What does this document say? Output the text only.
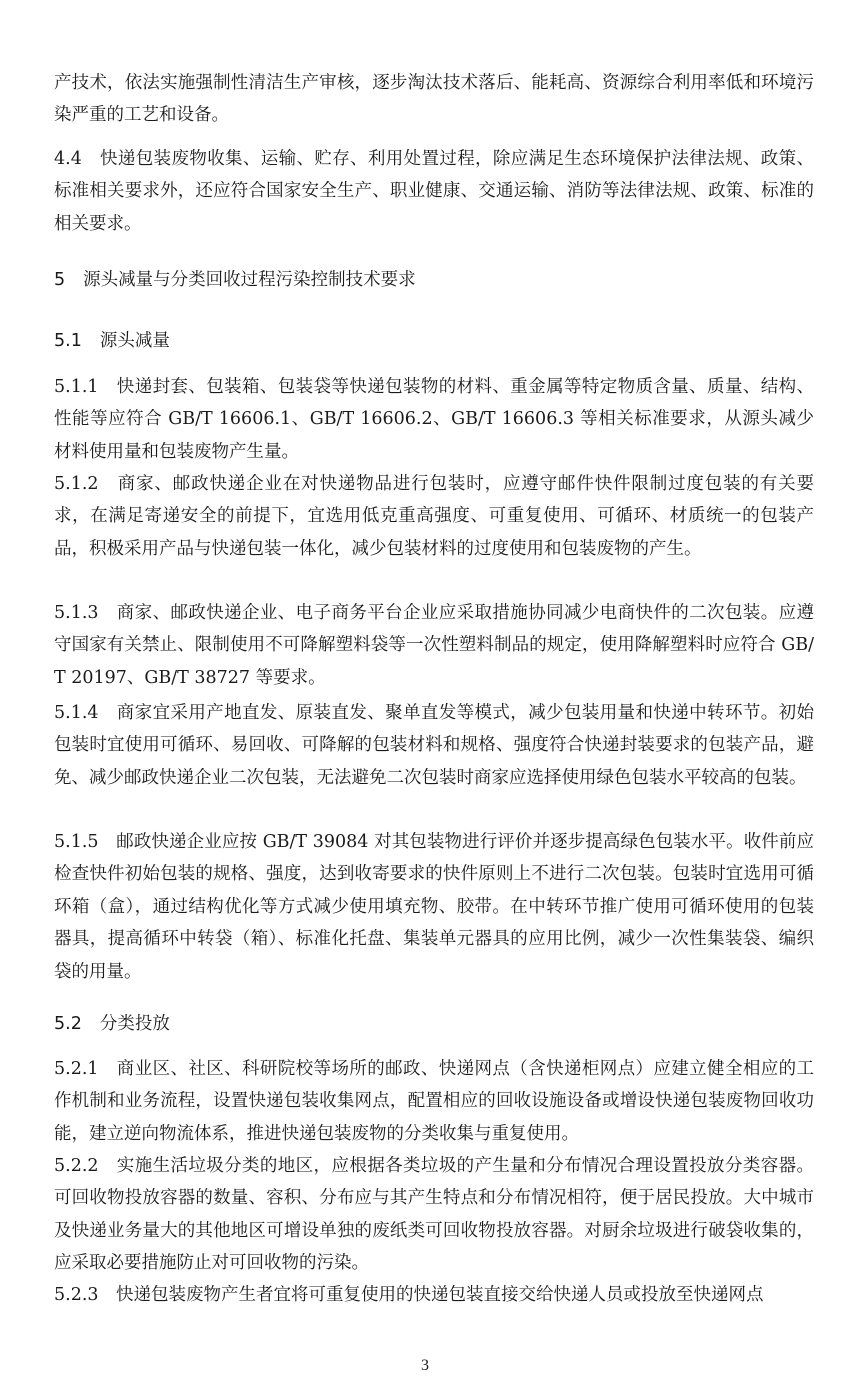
产技术，依法实施强制性清洁生产审核，逐步淘汰技术落后、能耗高、资源综合利用率低和环境污染严重的工艺和设备。

4.4　快递包装废物收集、运输、贮存、利用处置过程，除应满足生态环境保护法律法规、政策、标准相关要求外，还应符合国家安全生产、职业健康、交通运输、消防等法律法规、政策、标准的相关要求。

5 源头减量与分类回收过程污染控制技术要求
5.1 源头减量

5.1.1　快递封套、包装箱、包装袋等快递包装物的材料、重金属等特定物质含量、质量、结构、性能等应符合 GB/T 16606.1、GB/T 16606.2、GB/T 16606.3 等相关标准要求，从源头减少材料使用量和包装废物产生量。

5.1.2　商家、邮政快递企业在对快递物品进行包装时，应遵守邮件快件限制过度包装的有关要求，在满足寄递安全的前提下，宜选用低克重高强度、可重复使用、可循环、材质统一的包装产品，积极采用产品与快递包装一体化，减少包装材料的过度使用和包装废物的产生。

5.1.3　商家、邮政快递企业、电子商务平台企业应采取措施协同减少电商快件的二次包装。应遵守国家有关禁止、限制使用不可降解塑料袋等一次性塑料制品的规定，使用降解塑料时应符合 GB/T 20197、GB/T 38727 等要求。

5.1.4　商家宜采用产地直发、原装直发、聚单直发等模式，减少包装用量和快递中转环节。初始包装时宜使用可循环、易回收、可降解的包装材料和规格、强度符合快递封装要求的包装产品，避免、减少邮政快递企业二次包装，无法避免二次包装时商家应选择使用绿色包装水平较高的包装。

5.1.5　邮政快递企业应按 GB/T 39084 对其包装物进行评价并逐步提高绿色包装水平。收件前应检查快件初始包装的规格、强度，达到收寄要求的快件原则上不进行二次包装。包装时宜选用可循环箱（盒），通过结构优化等方式减少使用填充物、胶带。在中转环节推广使用可循环使用的包装器具，提高循环中转袋（箱）、标准化托盘、集装单元器具的应用比例，减少一次性集装袋、编织袋的用量。

5.2 分类投放

5.2.1　商业区、社区、科研院校等场所的邮政、快递网点（含快递柜网点）应建立健全相应的工作机制和业务流程，设置快递包装收集网点，配置相应的回收设施设备或增设快递包装废物回收功能，建立逆向物流体系，推进快递包装废物的分类收集与重复使用。

5.2.2　实施生活垃圾分类的地区，应根据各类垃圾的产生量和分布情况合理设置投放分类容器。可回收物投放容器的数量、容积、分布应与其产生特点和分布情况相符，便于居民投放。大中城市及快递业务量大的其他地区可增设单独的废纸类可回收物投放容器。对厨余垃圾进行破袋收集的，应采取必要措施防止对可回收物的污染。

5.2.3　快递包装废物产生者宜将可重复使用的快递包装直接交给快递人员或投放至快递网点

3
